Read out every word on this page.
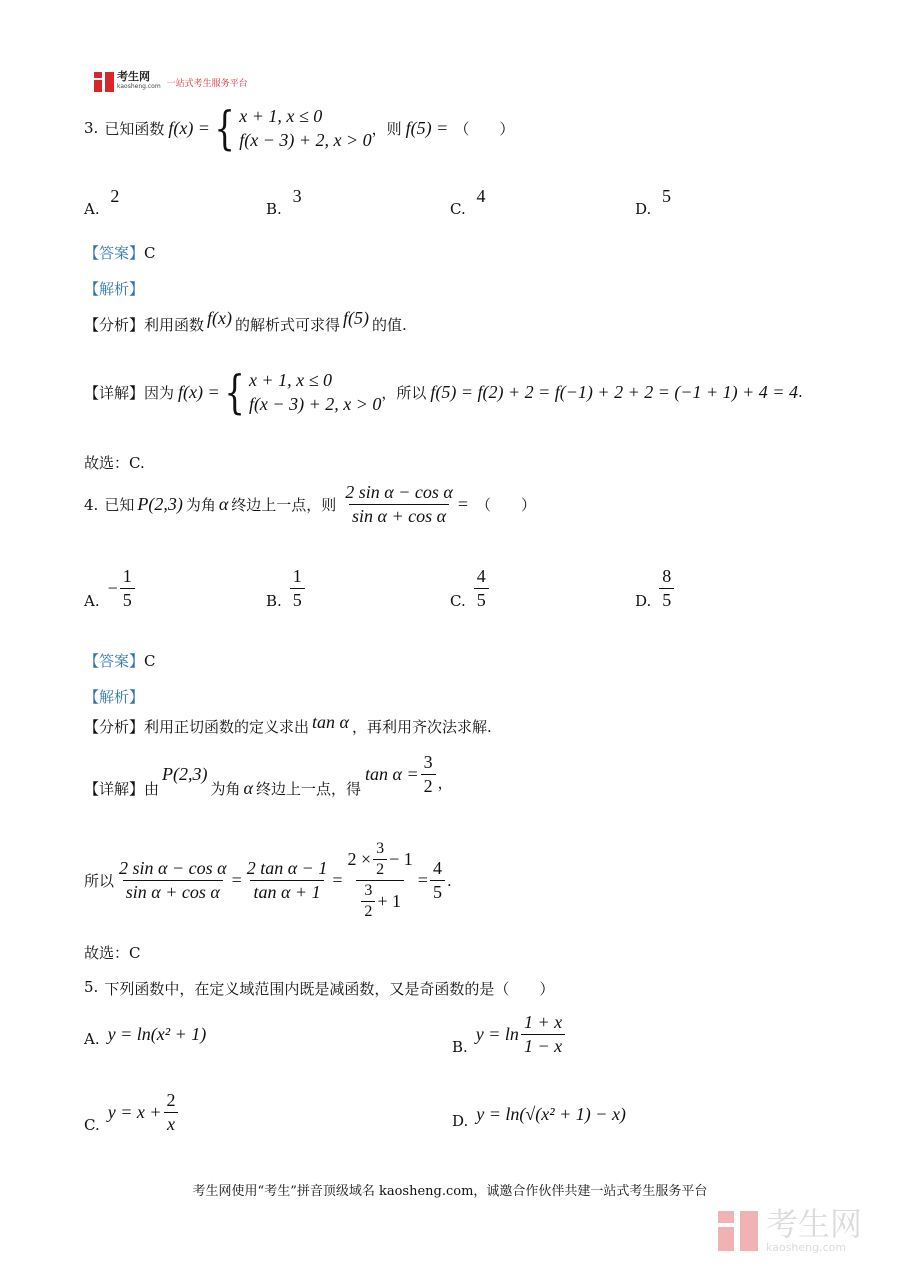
考生网
kaosheng.com 一站式考生服务平台
3. 已知函数 f(x) = { x + 1, x ≤ 0
f(x − 3) + 2, x > 0
，则 f(5) = （　　）
A. 2
B. 3
C. 4
D. 5
【答案】C
【解析】
【分析】 利用函数 f(x) 的解析式可求得 f(5) 的值.
【详解】 因为 f(x) = { x + 1, x ≤ 0
f(x − 3) + 2, x > 0
，所以 f(5) = f(2) + 2 = f(−1) + 2 + 2 = (−1 + 1) + 4 = 4 .
故选：C.
4. 已知 P(2,3) 为角 α 终边上一点，则 $\frac{\text{2 sin α − cos α}}{\text{sin α + cos α}}$ = （　　）
A.
− $\frac{1}{5}$	B. $\frac{1}{5}$	C. $\frac{4}{5}$	D. $\frac{8}{5}$
【答案】C
【解析】
【分析】 利用正切函数的定义求出 tan α ，再利用齐次法求解.
【详解】 由
P(2,3)
为角 α 终边上一点，得
$\tan \alpha = \frac{3}{2}$ ，
所以 $\frac{\text{2 sin α − cos α}}{\text{sin α + cos α}} = \frac{\text{2 tan α − 1}}{\text{tan α + 1}} = \frac{2 \times \frac{3}{2} - 1}{\frac{3}{2} + 1} = \frac{4}{5}$ .
故选：C
5. 下列函数中，在定义域范围内既是减函数，又是奇函数的是（　　）
A. y = ln(x² + 1)
B.
$y = \ln \frac{1 + x}{1 - x}$
C.
$y = x + \frac{2}{x}$	D. y = ln(√(x² + 1) − x)
考生网使用“考生”拼音顶级域名 kaosheng.com，诚邀合作伙伴共建一站式考生服务平台
考生网
kaosheng.com
